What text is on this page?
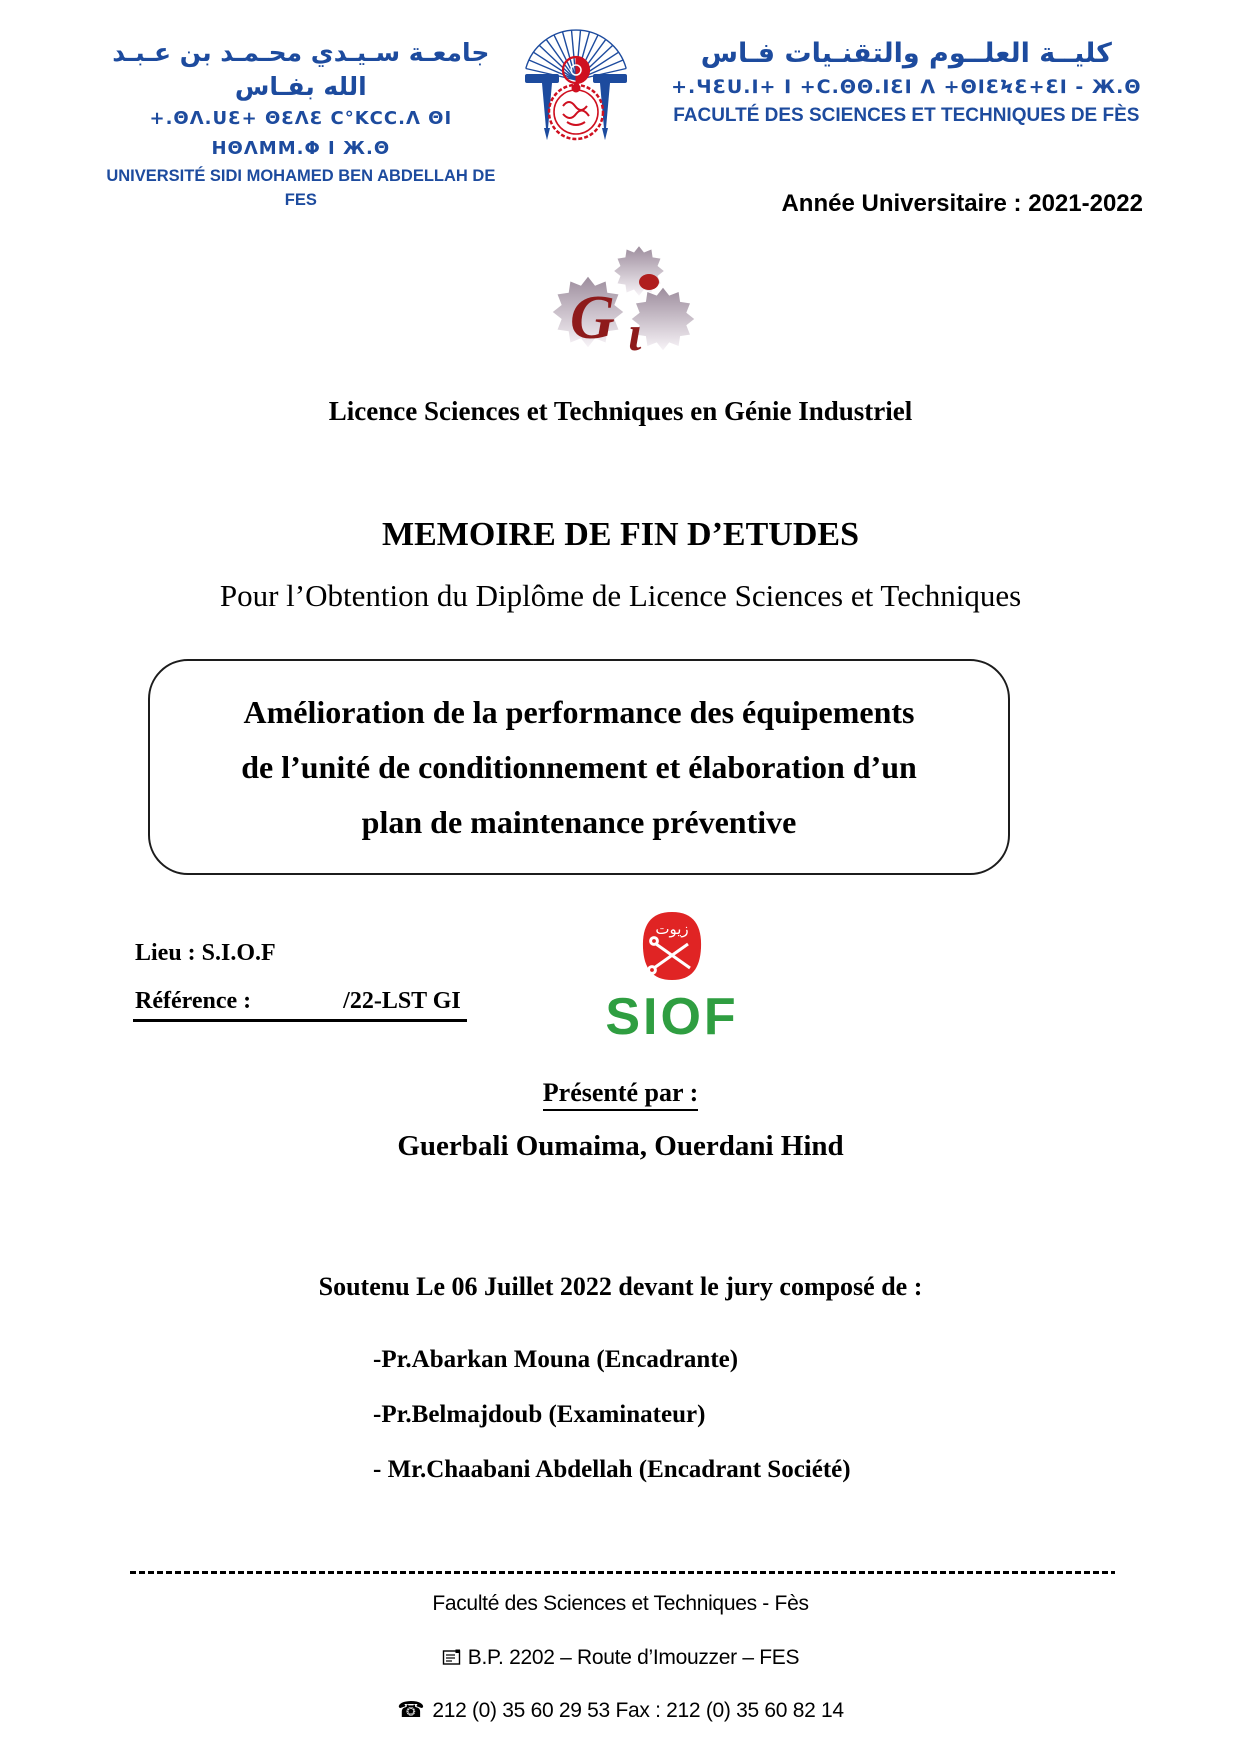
جامعـة سـيـدي محـمـد بن عـبـد الله بفـاس
+.ΘΛ.UƐ+ ΘƐΛƐ C°ΚCC.Λ ΘΙ ΗΘΛΜΜ.Φ Ι Ж.Θ
UNIVERSITÉ SIDI MOHAMED BEN ABDELLAH DE FES
كليــة العلــوم والتقنـيات فـاس
+.ЧƐU.Ι+ Ι +C.ΘΘ.ΙƐΙ Λ +ΘΙƐϞƐ+ƐΙ - Ж.Θ
FACULTÉ DES SCIENCES ET TECHNIQUES DE FÈS
Année Universitaire : 2021-2022
G ι
Licence Sciences et Techniques en Génie Industriel
MEMOIRE DE FIN D’ETUDES
Pour l’Obtention du Diplôme de Licence Sciences et Techniques
Amélioration de la performance des équipements
de l’unité de conditionnement et élaboration d’un
plan de maintenance préventive
Lieu : S.I.O.F
Référence :	/22-LST GI
زيوت
SIOF
Présenté par :
Guerbali Oumaima, Ouerdani Hind
Soutenu Le 06 Juillet 2022 devant le jury composé de :
-Pr.Abarkan Mouna (Encadrante)
-Pr.Belmajdoub (Examinateur)
- Mr.Chaabani Abdellah (Encadrant Société)
Faculté des Sciences et Techniques - Fès
B.P. 2202 – Route d’Imouzzer – FES
☎ 212 (0) 35 60 29 53 Fax : 212 (0) 35 60 82 14
